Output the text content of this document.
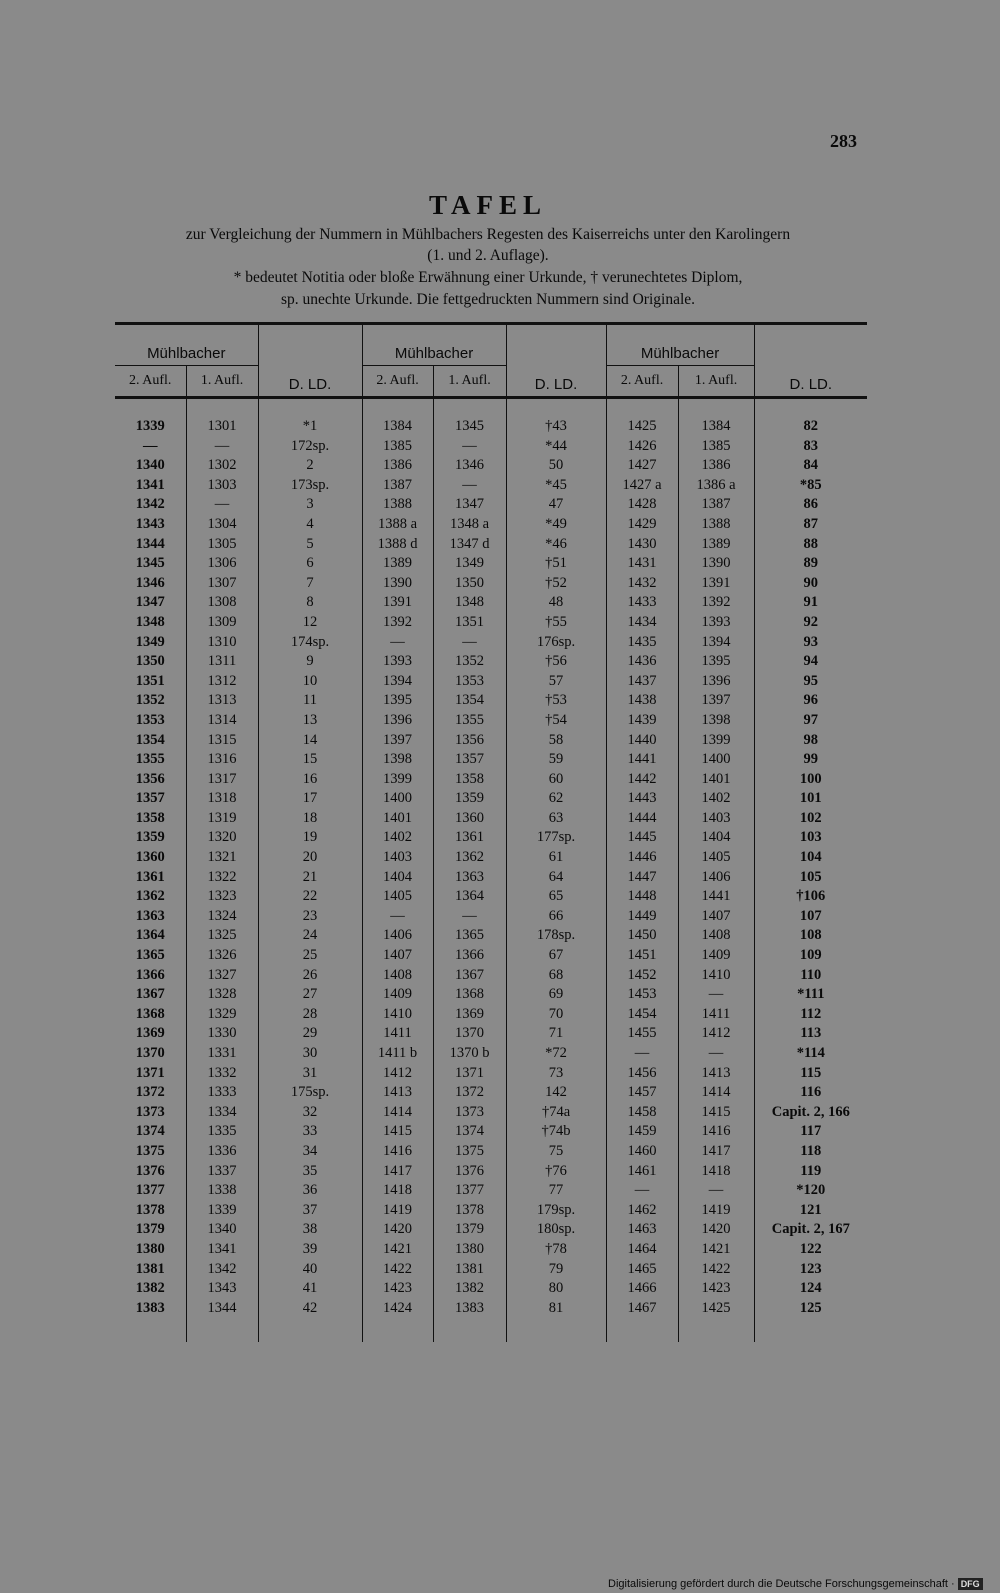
283
TAFEL
zur Vergleichung der Nummern in Mühlbachers Regesten des Kaiserreichs unter den Karolingern
(1. und 2. Auflage).
* bedeutet Notitia oder bloße Erwähnung einer Urkunde, † verunechtetes Diplom,
sp. unechte Urkunde. Die fettgedruckten Nummern sind Originale.
Mühlbacher		D. LD.	Mühlbacher		D. LD.	Mühlbacher		D. LD.
2. Aufl.	1. Aufl.		2. Aufl.	1. Aufl.		2. Aufl.	1. Aufl.	
1339	1301	*1	1384	1345	†43	1425	1384	82
—	—	172sp.	1385	—	*44	1426	1385	83
1340	1302	2	1386	1346	50	1427	1386	84
1341	1303	173sp.	1387	—	*45	1427 a	1386 a	*85
1342	—	3	1388	1347	47	1428	1387	86
1343	1304	4	1388 a	1348 a	*49	1429	1388	87
1344	1305	5	1388 d	1347 d	*46	1430	1389	88
1345	1306	6	1389	1349	†51	1431	1390	89
1346	1307	7	1390	1350	†52	1432	1391	90
1347	1308	8	1391	1348	48	1433	1392	91
1348	1309	12	1392	1351	†55	1434	1393	92
1349	1310	174sp.	—	—	176sp.	1435	1394	93
1350	1311	9	1393	1352	†56	1436	1395	94
1351	1312	10	1394	1353	57	1437	1396	95
1352	1313	11	1395	1354	†53	1438	1397	96
1353	1314	13	1396	1355	†54	1439	1398	97
1354	1315	14	1397	1356	58	1440	1399	98
1355	1316	15	1398	1357	59	1441	1400	99
1356	1317	16	1399	1358	60	1442	1401	100
1357	1318	17	1400	1359	62	1443	1402	101
1358	1319	18	1401	1360	63	1444	1403	102
1359	1320	19	1402	1361	177sp.	1445	1404	103
1360	1321	20	1403	1362	61	1446	1405	104
1361	1322	21	1404	1363	64	1447	1406	105
1362	1323	22	1405	1364	65	1448	1441	†106
1363	1324	23	—	—	66	1449	1407	107
1364	1325	24	1406	1365	178sp.	1450	1408	108
1365	1326	25	1407	1366	67	1451	1409	109
1366	1327	26	1408	1367	68	1452	1410	110
1367	1328	27	1409	1368	69	1453	—	*111
1368	1329	28	1410	1369	70	1454	1411	112
1369	1330	29	1411	1370	71	1455	1412	113
1370	1331	30	1411 b	1370 b	*72	—	—	*114
1371	1332	31	1412	1371	73	1456	1413	115
1372	1333	175sp.	1413	1372	142	1457	1414	116
1373	1334	32	1414	1373	†74a	1458	1415	Capit. 2, 166
1374	1335	33	1415	1374	†74b	1459	1416	117
1375	1336	34	1416	1375	75	1460	1417	118
1376	1337	35	1417	1376	†76	1461	1418	119
1377	1338	36	1418	1377	77	—	—	*120
1378	1339	37	1419	1378	179sp.	1462	1419	121
1379	1340	38	1420	1379	180sp.	1463	1420	Capit. 2, 167
1380	1341	39	1421	1380	†78	1464	1421	122
1381	1342	40	1422	1381	79	1465	1422	123
1382	1343	41	1423	1382	80	1466	1423	124
1383	1344	42	1424	1383	81	1467	1425	125

Digitalisierung gefördert durch die Deutsche Forschungsgemeinschaft · DFG
